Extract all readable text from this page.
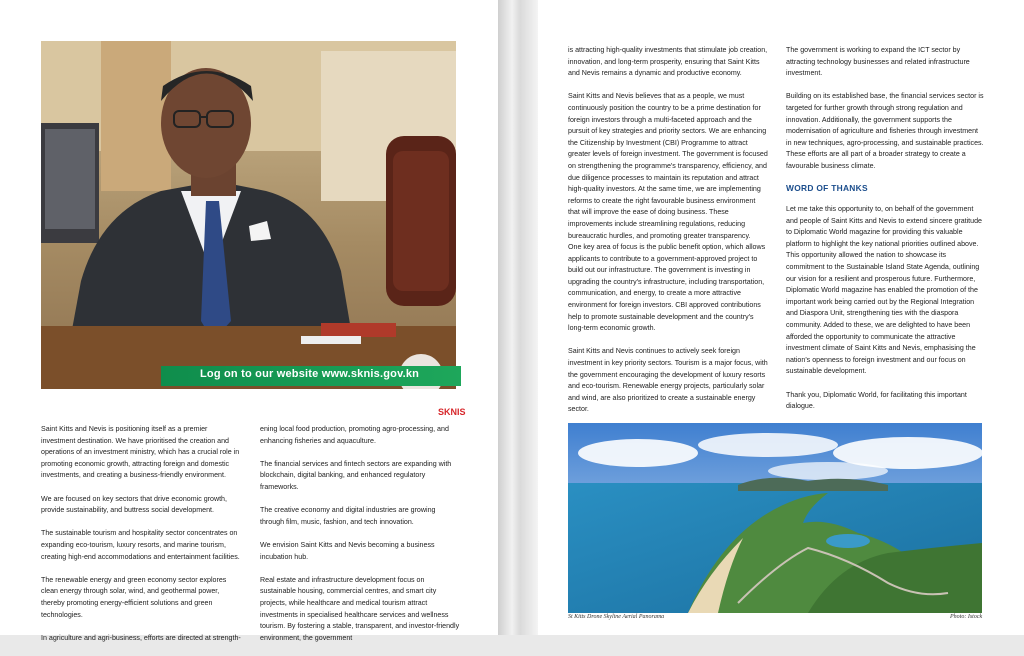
Log on to our website www.sknis.gov.kn
SKNIS

Saint Kitts and Nevis is positioning itself as a premier investment destination. We have prioritised the creation and operations of an investment ministry, which has a crucial role in promoting economic growth, attracting foreign and domestic investments, and creating a business-friendly environment.

We are focused on key sectors that drive economic growth, provide sustainability, and buttress social development.

The sustainable tourism and hospitality sector concentrates on expanding eco-tourism, luxury resorts, and marine tourism, creating high-end accommodations and entertainment facilities.

The renewable energy and green economy sector explores clean energy through solar, wind, and geothermal power, thereby promoting energy-efficient solutions and green technologies.

In agriculture and agri-business, efforts are directed at strength-

ening local food production, promoting agro-processing, and enhancing fisheries and aquaculture.

The financial services and fintech sectors are expanding with blockchain, digital banking, and enhanced regulatory frameworks.

The creative economy and digital industries are growing through film, music, fashion, and tech innovation.

We envision Saint Kitts and Nevis becoming a business incubation hub.

Real estate and infrastructure development focus on sustainable housing, commercial centres, and smart city projects, while healthcare and medical tourism attract investments in specialised healthcare services and wellness tourism. By fostering a stable, transparent, and investor-friendly environment, the government

is attracting high-quality investments that stimulate job creation, innovation, and long-term prosperity, ensuring that Saint Kitts and Nevis remains a dynamic and productive economy.

Saint Kitts and Nevis believes that as a people, we must continuously position the country to be a prime destination for foreign investors through a multi-faceted approach and the pursuit of key strategies and priority sectors. We are enhancing the Citizenship by Investment (CBI) Programme to attract greater levels of foreign investment. The government is focused on strengthening the programme's transparency, efficiency, and due diligence processes to maintain its reputation and attract high-quality investors. At the same time, we are implementing reforms to create the right favourable business environment that will improve the ease of doing business. These improvements include streamlining regulations, reducing bureaucratic hurdles, and promoting greater transparency.

One key area of focus is the public benefit option, which allows applicants to contribute to a government-approved project to build out our infrastructure. The government is investing in upgrading the country's infrastructure, including transportation, communication, and energy, to create a more attractive environment for foreign investors. CBI approved contributions help to promote sustainable development and the country's long-term economic growth.

Saint Kitts and Nevis continues to actively seek foreign investment in key priority sectors. Tourism is a major focus, with the government encouraging the development of luxury resorts and eco-tourism. Renewable energy projects, particularly solar and wind, are also prioritized to create a sustainable energy sector.

The government is working to expand the ICT sector by attracting technology businesses and related infrastructure investment.

Building on its established base, the financial services sector is targeted for further growth through strong regulation and innovation. Additionally, the government supports the modernisation of agriculture and fisheries through investment in new techniques, agro-processing, and sustainable practices. These efforts are all part of a broader strategy to create a favourable business climate.

WORD OF THANKS

Let me take this opportunity to, on behalf of the government and people of Saint Kitts and Nevis to extend sincere gratitude to Diplomatic World magazine for providing this valuable platform to highlight the key national priorities outlined above. This opportunity allowed the nation to showcase its commitment to the Sustainable Island State Agenda, outlining our vision for a resilient and prosperous future. Furthermore, Diplomatic World magazine has enabled the promotion of the important work being carried out by the Regional Integration and Diaspora Unit, strengthening ties with the diaspora community. Added to these, we are delighted to have been afforded the opportunity to communicate the attractive investment climate of Saint Kitts and Nevis, emphasising the nation's openness to foreign investment and our focus on sustainable development.

Thank you, Diplomatic World, for facilitating this important dialogue.

St Kitts Drone Skyline Aerial Panorama	Photo: Istock
